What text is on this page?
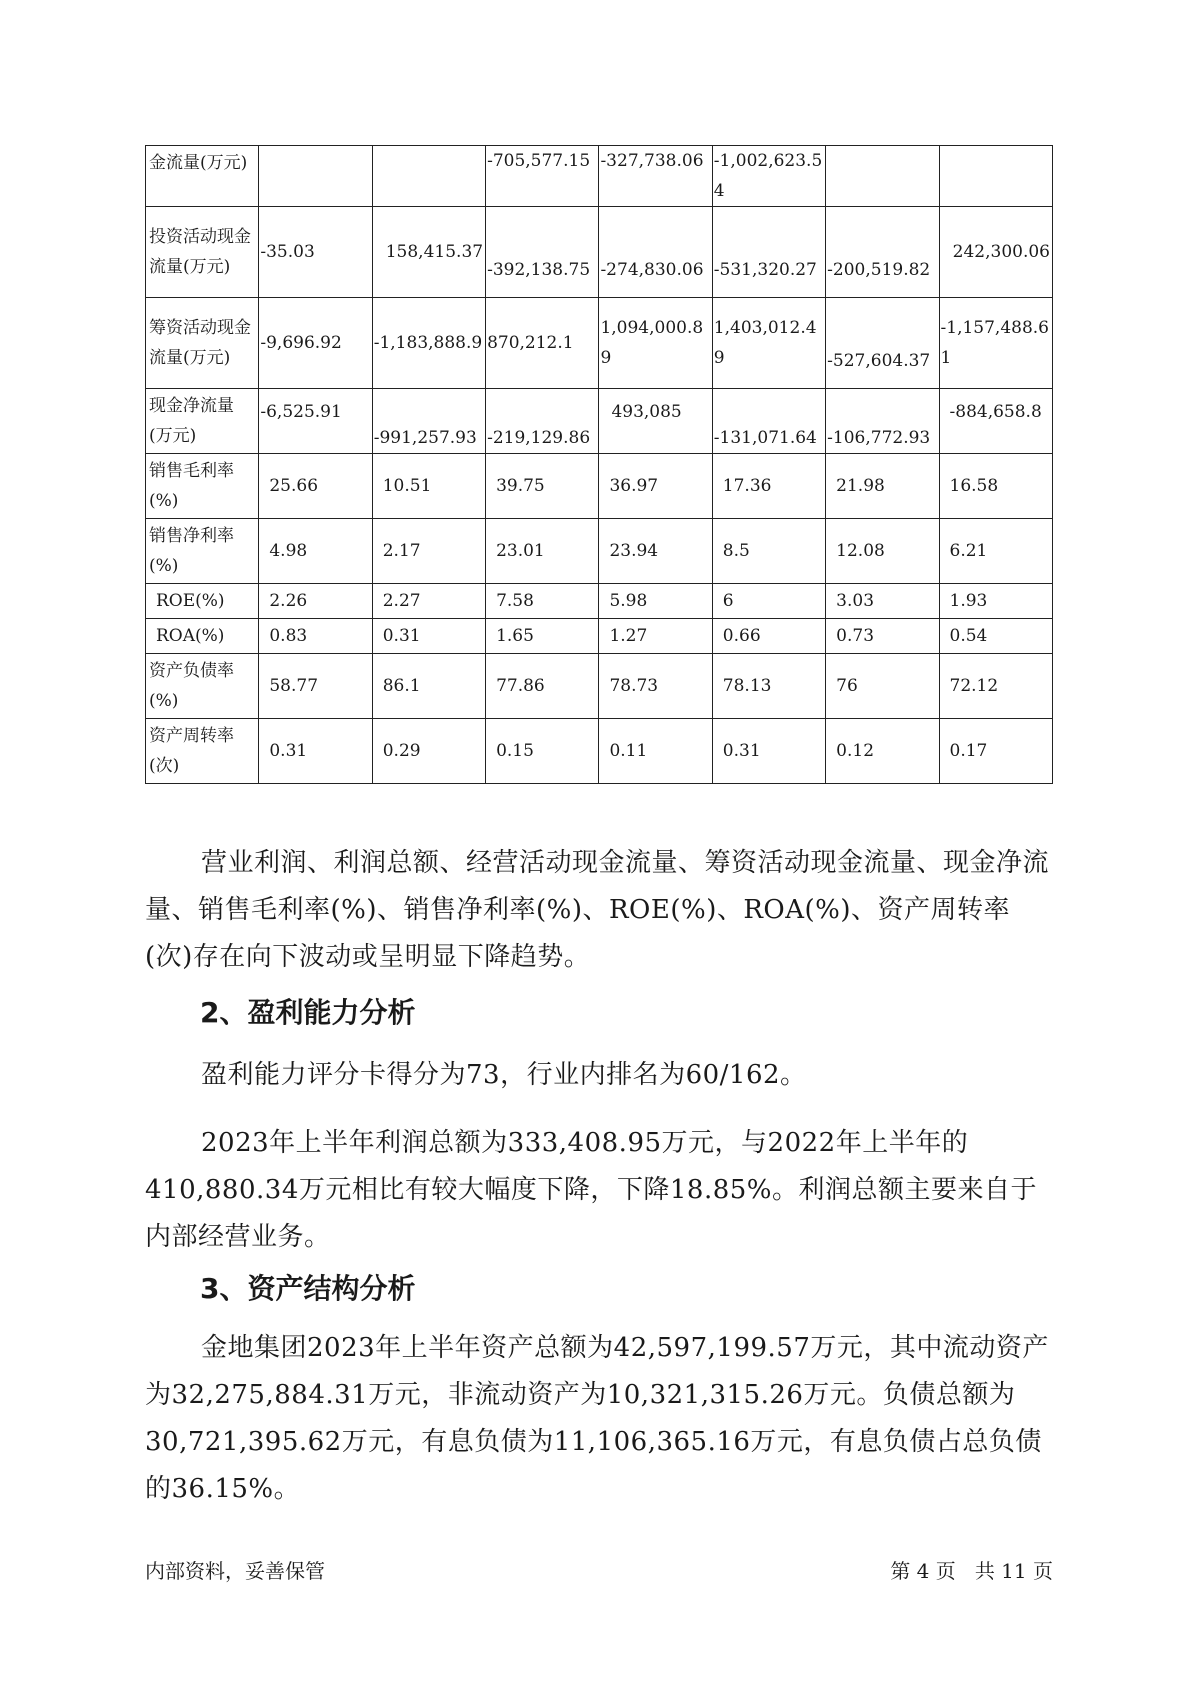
金流量(万元)			-705,577.15	-327,738.06	-1,002,623.54		
投资活动现金流量(万元)	-35.03	158,415.37	-392,138.75	-274,830.06	-531,320.27	-200,519.82	242,300.06
筹资活动现金流量(万元)	-9,696.92	-1,183,888.9	870,212.1	1,094,000.89	1,403,012.49	-527,604.37	-1,157,488.61
现金净流量(万元)	-6,525.91	-991,257.93	-219,129.86	493,085	-131,071.64	-106,772.93	-884,658.8
销售毛利率(%)	25.66	10.51	39.75	36.97	17.36	21.98	16.58
销售净利率(%)	4.98	2.17	23.01	23.94	8.5	12.08	6.21
ROE(%)	2.26	2.27	7.58	5.98	6	3.03	1.93
ROA(%)	0.83	0.31	1.65	1.27	0.66	0.73	0.54
资产负债率(%)	58.77	86.1	77.86	78.73	78.13	76	72.12
资产周转率(次)	0.31	0.29	0.15	0.11	0.31	0.12	0.17

营业利润、利润总额、经营活动现金流量、筹资活动现金流量、现金净流量、销售毛利率(%)、销售净利率(%)、ROE(%)、ROA(%)、资产周转率(次)存在向下波动或呈明显下降趋势。

2、盈利能力分析

盈利能力评分卡得分为73，行业内排名为60/162。

2023年上半年利润总额为333,408.95万元，与2022年上半年的410,880.34万元相比有较大幅度下降，下降18.85%。利润总额主要来自于内部经营业务。

3、资产结构分析

金地集团2023年上半年资产总额为42,597,199.57万元，其中流动资产为32,275,884.31万元，非流动资产为10,321,315.26万元。负债总额为30,721,395.62万元，有息负债为11,106,365.16万元，有息负债占总负债的36.15%。

内部资料，妥善保管	第 4 页   共 11 页
